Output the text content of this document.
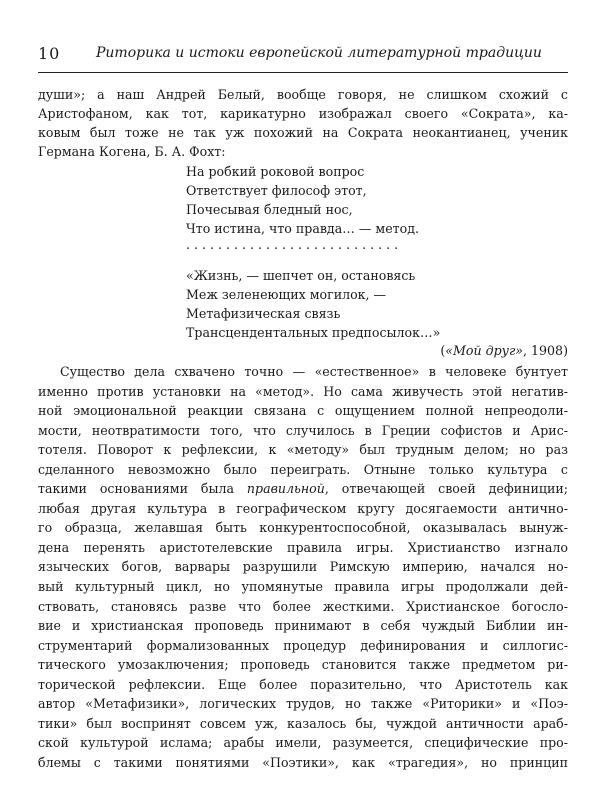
10	Риторика и истоки европейской литературной традиции
души»; а наш Андрей Белый, вообще говоря, не слишком схожий с
Аристофаном, как тот, карикатурно изображал своего «Сократа», ка-
ковым был тоже не так уж похожий на Сократа неокантианец, ученик
Германа Когена, Б. А. Фохт:
На робкий роковой вопрос
Ответствует философ этот,
Почесывая бледный нос,
Что истина, что правда… — метод.
...........................
«Жизнь, — шепчет он, остановясь
Меж зеленеющих могилок, —
Метафизическая связь
Трансцендентальных предпосылок…»
(«Мой друг», 1908)
Существо дела схвачено точно — «естественное» в человеке бунтует
именно против установки на «метод». Но сама живучесть этой негатив-
ной эмоциональной реакции связана с ощущением полной непреодоли-
мости, неотвратимости того, что случилось в Греции софистов и Арис-
тотеля. Поворот к рефлексии, к «методу» был трудным делом; но раз
сделанного невозможно было переиграть. Отныне только культура с
такими основаниями была правильной, отвечающей своей дефиниции;
любая другая культура в географическом кругу досягаемости антично-
го образца, желавшая быть конкурентоспособной, оказывалась вынуж-
дена перенять аристотелевские правила игры. Христианство изгнало
языческих богов, варвары разрушили Римскую империю, начался но-
вый культурный цикл, но упомянутые правила игры продолжали дей-
ствовать, становясь разве что более жесткими. Христианское богосло-
вие и христианская проповедь принимают в себя чуждый Библии ин-
струментарий формализованных процедур дефинирования и силлогис-
тического умозаключения; проповедь становится также предметом ри-
торической рефлексии. Еще более поразительно, что Аристотель как
автор «Метафизики», логических трудов, но также «Риторики» и «Поэ-
тики» был воспринят совсем уж, казалось бы, чуждой античности араб-
ской культурой ислама; арабы имели, разумеется, специфические про-
блемы с такими понятиями «Поэтики», как «трагедия», но принцип
